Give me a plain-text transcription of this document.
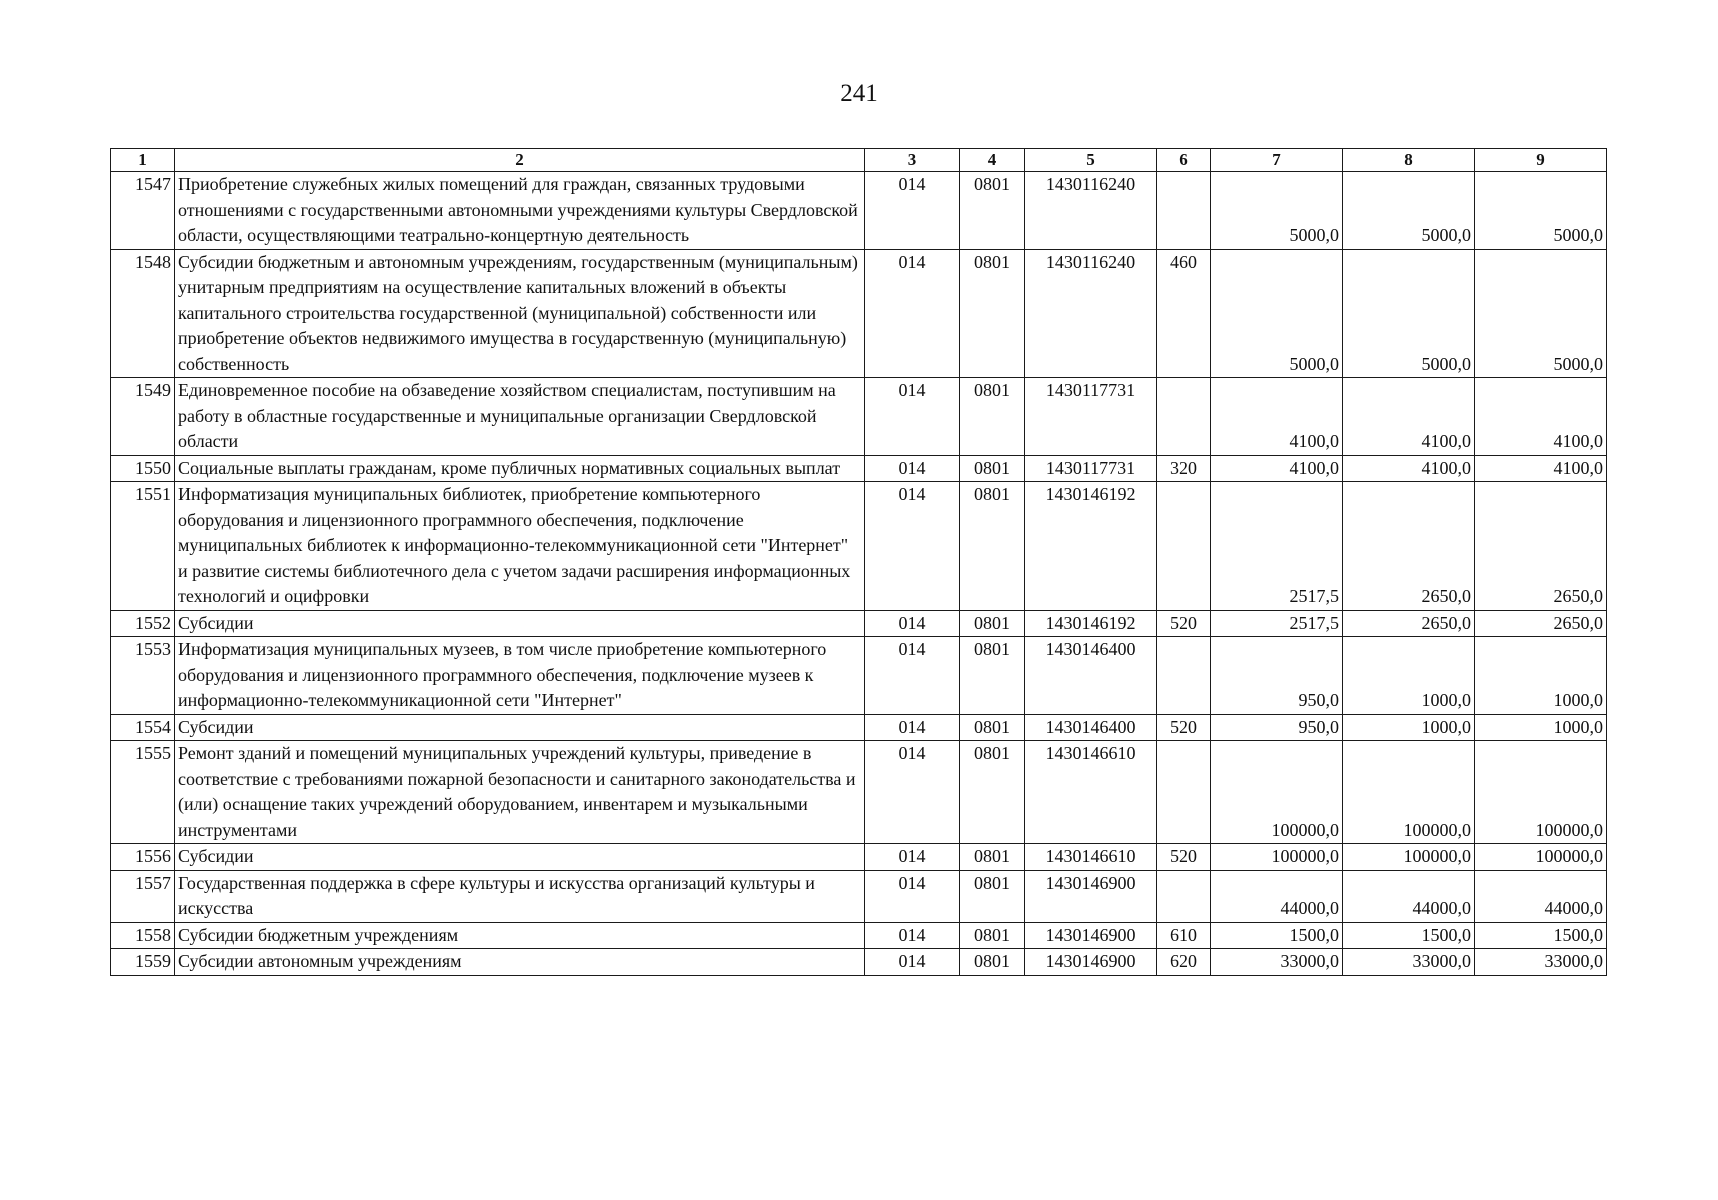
241
1	2	3	4	5	6	7	8	9
1547	Приобретение служебных жилых помещений для граждан, связанных трудовыми отношениями с государственными автономными учреждениями культуры Свердловской области, осуществляющими театрально-концертную деятельность	014	0801	1430116240		5000,0	5000,0	5000,0
1548	Субсидии бюджетным и автономным учреждениям, государственным (муниципальным) унитарным предприятиям на осуществление капитальных вложений в объекты капитального строительства государственной (муниципальной) собственности или приобретение объектов недвижимого имущества в государственную (муниципальную) собственность	014	0801	1430116240	460	5000,0	5000,0	5000,0
1549	Единовременное пособие на обзаведение хозяйством специалистам, поступившим на работу в областные государственные и муниципальные организации Свердловской области	014	0801	1430117731		4100,0	4100,0	4100,0
1550	Социальные выплаты гражданам, кроме публичных нормативных социальных выплат	014	0801	1430117731	320	4100,0	4100,0	4100,0
1551	Информатизация муниципальных библиотек, приобретение компьютерного оборудования и лицензионного программного обеспечения, подключение муниципальных библиотек к информационно-телекоммуникационной сети "Интернет" и развитие системы библиотечного дела с учетом задачи расширения информационных технологий и оцифровки	014	0801	1430146192		2517,5	2650,0	2650,0
1552	Субсидии	014	0801	1430146192	520	2517,5	2650,0	2650,0
1553	Информатизация муниципальных музеев, в том числе приобретение компьютерного оборудования и лицензионного программного обеспечения, подключение музеев к информационно-телекоммуникационной сети "Интернет"	014	0801	1430146400		950,0	1000,0	1000,0
1554	Субсидии	014	0801	1430146400	520	950,0	1000,0	1000,0
1555	Ремонт зданий и помещений муниципальных учреждений культуры, приведение в соответствие с требованиями пожарной безопасности и санитарного законодательства и (или) оснащение таких учреждений оборудованием, инвентарем и музыкальными инструментами	014	0801	1430146610		100000,0	100000,0	100000,0
1556	Субсидии	014	0801	1430146610	520	100000,0	100000,0	100000,0
1557	Государственная поддержка в сфере культуры и искусства организаций культуры и искусства	014	0801	1430146900		44000,0	44000,0	44000,0
1558	Субсидии бюджетным учреждениям	014	0801	1430146900	610	1500,0	1500,0	1500,0
1559	Субсидии автономным учреждениям	014	0801	1430146900	620	33000,0	33000,0	33000,0
